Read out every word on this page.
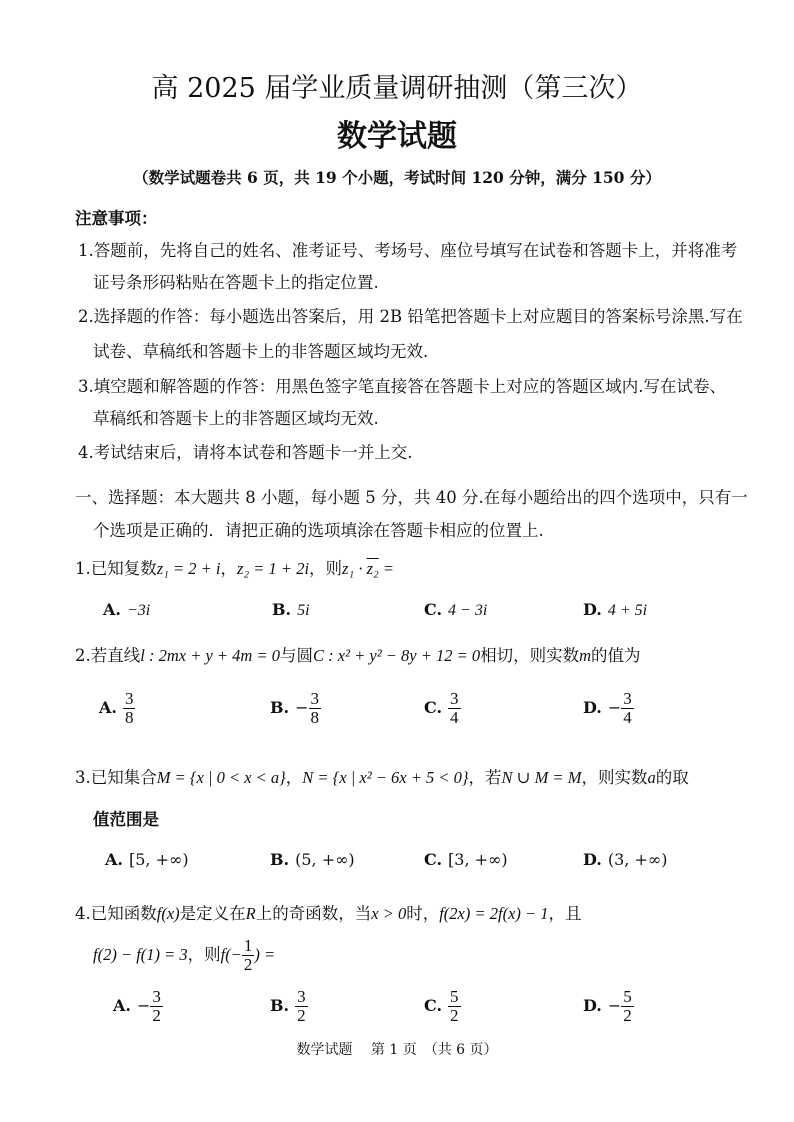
高 2025 届学业质量调研抽测（第三次）
数学试题
（数学试题卷共 6 页，共 19 个小题，考试时间 120 分钟，满分 150 分）
注意事项：
1.答题前，先将自己的姓名、准考证号、考场号、座位号填写在试卷和答题卡上，并将准考
证号条形码粘贴在答题卡上的指定位置.
2.选择题的作答：每小题选出答案后，用 2B 铅笔把答题卡上对应题目的答案标号涂黑.写在
试卷、草稿纸和答题卡上的非答题区域均无效.
3.填空题和解答题的作答：用黑色签字笔直接答在答题卡上对应的答题区域内.写在试卷、
草稿纸和答题卡上的非答题区域均无效.
4.考试结束后，请将本试卷和答题卡一并上交.
一、选择题：本大题共 8 小题，每小题 5 分，共 40 分.在每小题给出的四个选项中，只有一
个选项是正确的．请把正确的选项填涂在答题卡相应的位置上.
1.已知复数z₁ = 2 + i，z₂ = 1 + 2i，则z₁ · z₂ =
A. −3i	B. 5i	C. 4 − 3i	D. 4 + 5i
2.若直线l : 2mx + y + 4m = 0与圆C : x² + y² − 8y + 12 = 0相切，则实数m的值为
A. $\frac{3}{8}$	B. − $\frac{3}{8}$	C. $\frac{3}{4}$	D. − $\frac{3}{4}$
3.已知集合M = {x | 0 < x < a}，N = {x | x² − 6x + 5 < 0}，若N ∪ M = M，则实数a的取
值范围是
A. [5, +∞)	B. (5, +∞)	C. [3, +∞)	D. (3, +∞)
4.已知函数f(x)是定义在R上的奇函数，当x > 0时，f(2x) = 2f(x) − 1，且
f(2) − f(1) = 3，则$f(- \frac{1}{2}$ ) =
A. − $\frac{3}{2}$	B. $\frac{3}{2}$	C. $\frac{5}{2}$	D. − $\frac{5}{2}$
数学试题　 第 1 页　（共 6 页）
